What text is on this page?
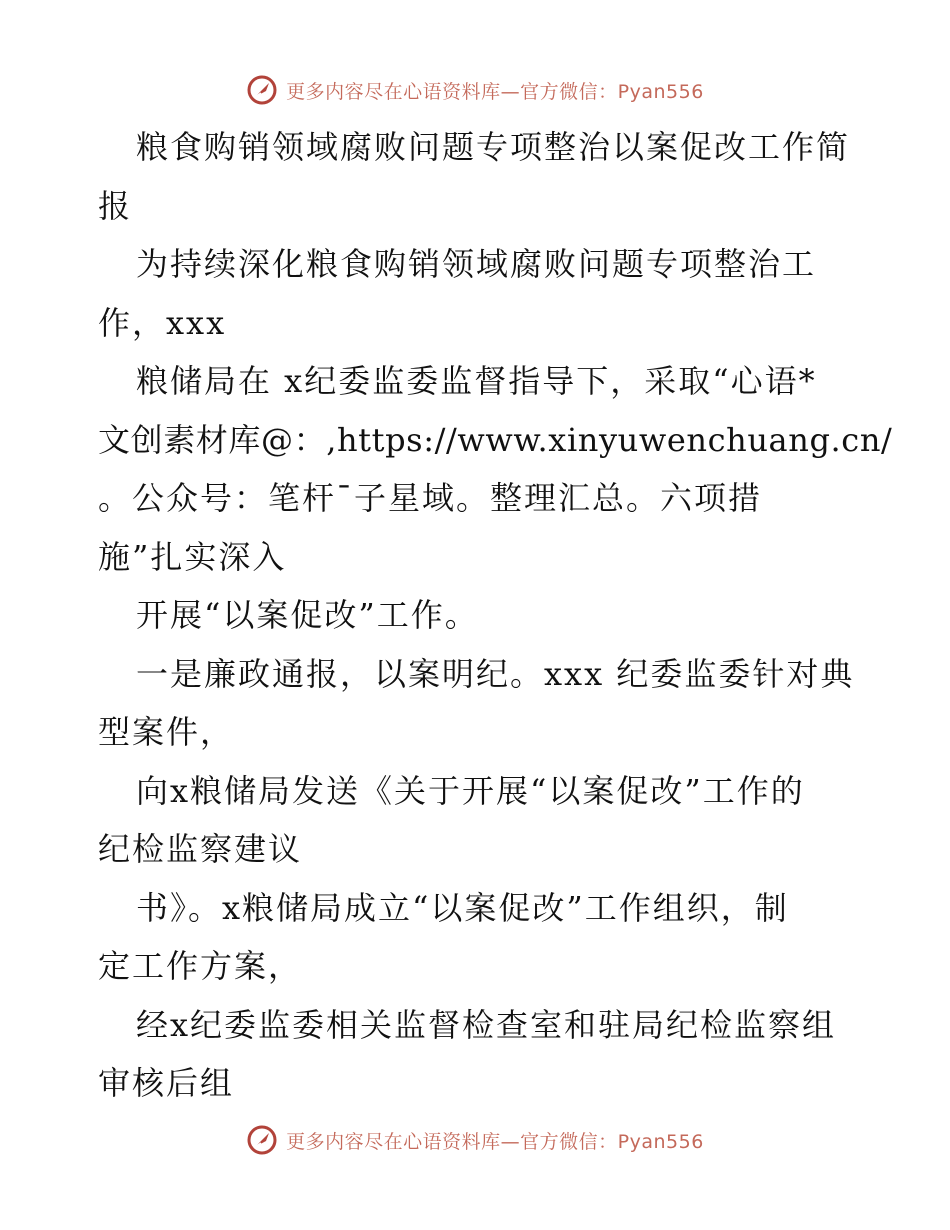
更多内容尽在心语资料库—官方微信：Pyan556
粮食购销领域腐败问题专项整治以案促改工作简
报
为持续深化粮食购销领域腐败问题专项整治工
作，xxx
粮储局在 x纪委监委监督指导下，采取“心语*
文创素材库@：,https://www.xinyuwenchuang.cn/
。公众号：笔杆¯子星域。整理汇总。六项措
施”扎实深入
开展“以案促改”工作。
一是廉政通报，以案明纪。xxx 纪委监委针对典
型案件，
向x粮储局发送《关于开展“以案促改”工作的
纪检监察建议
书》。x粮储局成立“以案促改”工作组织，制
定工作方案，
经x纪委监委相关监督检查室和驻局纪检监察组
审核后组
更多内容尽在心语资料库—官方微信：Pyan556
